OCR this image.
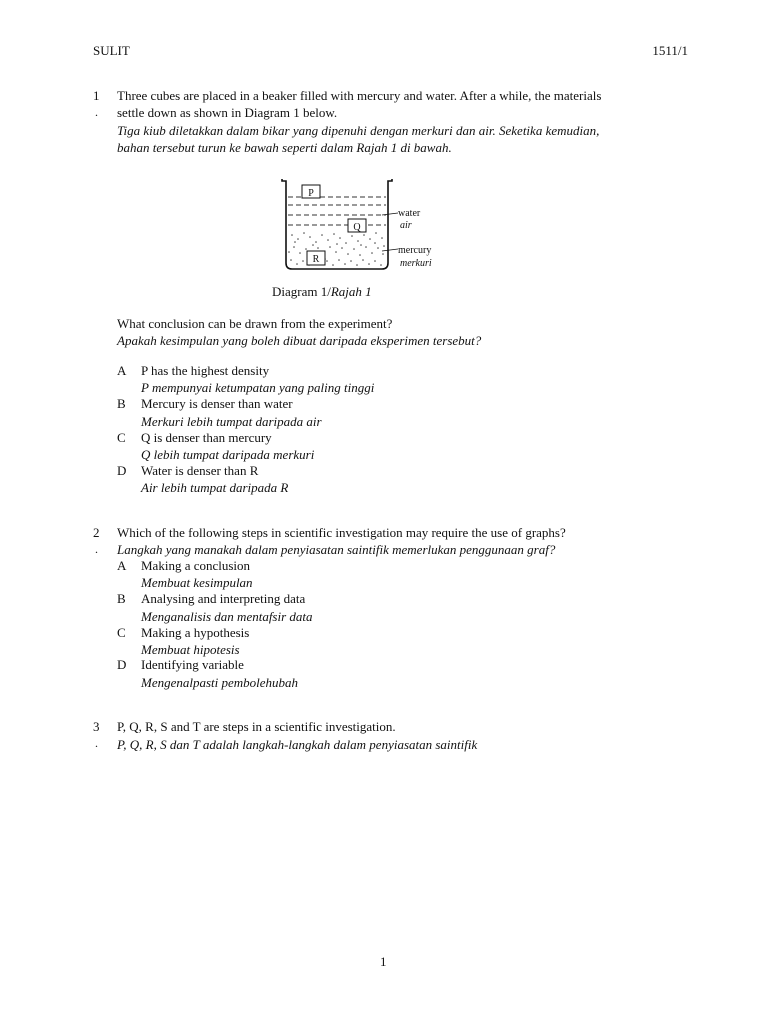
SULIT	1511/1
1
.
Three cubes are placed in a beaker filled with mercury and water. After a while, the materials
settle down as shown in Diagram 1 below.
Tiga kiub diletakkan dalam bikar yang dipenuhi dengan merkuri dan air. Seketika kemudian,
bahan tersebut turun ke bawah seperti dalam Rajah 1 di bawah.
P
Q
R
water
air
mercury
merkuri
Diagram 1/Rajah 1
What conclusion can be drawn from the experiment?
Apakah kesimpulan yang boleh dibuat daripada eksperimen tersebut?
A P has the highest density
P mempunyai ketumpatan yang paling tinggi
B Mercury is denser than water
Merkuri lebih tumpat daripada air
C Q is denser than mercury
Q lebih tumpat daripada merkuri
D Water is denser than R
Air lebih tumpat daripada R
2
.
Which of the following steps in scientific investigation may require the use of graphs?
Langkah yang manakah dalam penyiasatan saintifik memerlukan penggunaan graf?
A Making a conclusion
Membuat kesimpulan
B Analysing and interpreting data
Menganalisis dan mentafsir data
C Making a hypothesis
Membuat hipotesis
D Identifying variable
Mengenalpasti pembolehubah
3
.
P, Q, R, S and T are steps in a scientific investigation.
P, Q, R, S dan T adalah langkah-langkah dalam penyiasatan saintifik
1
